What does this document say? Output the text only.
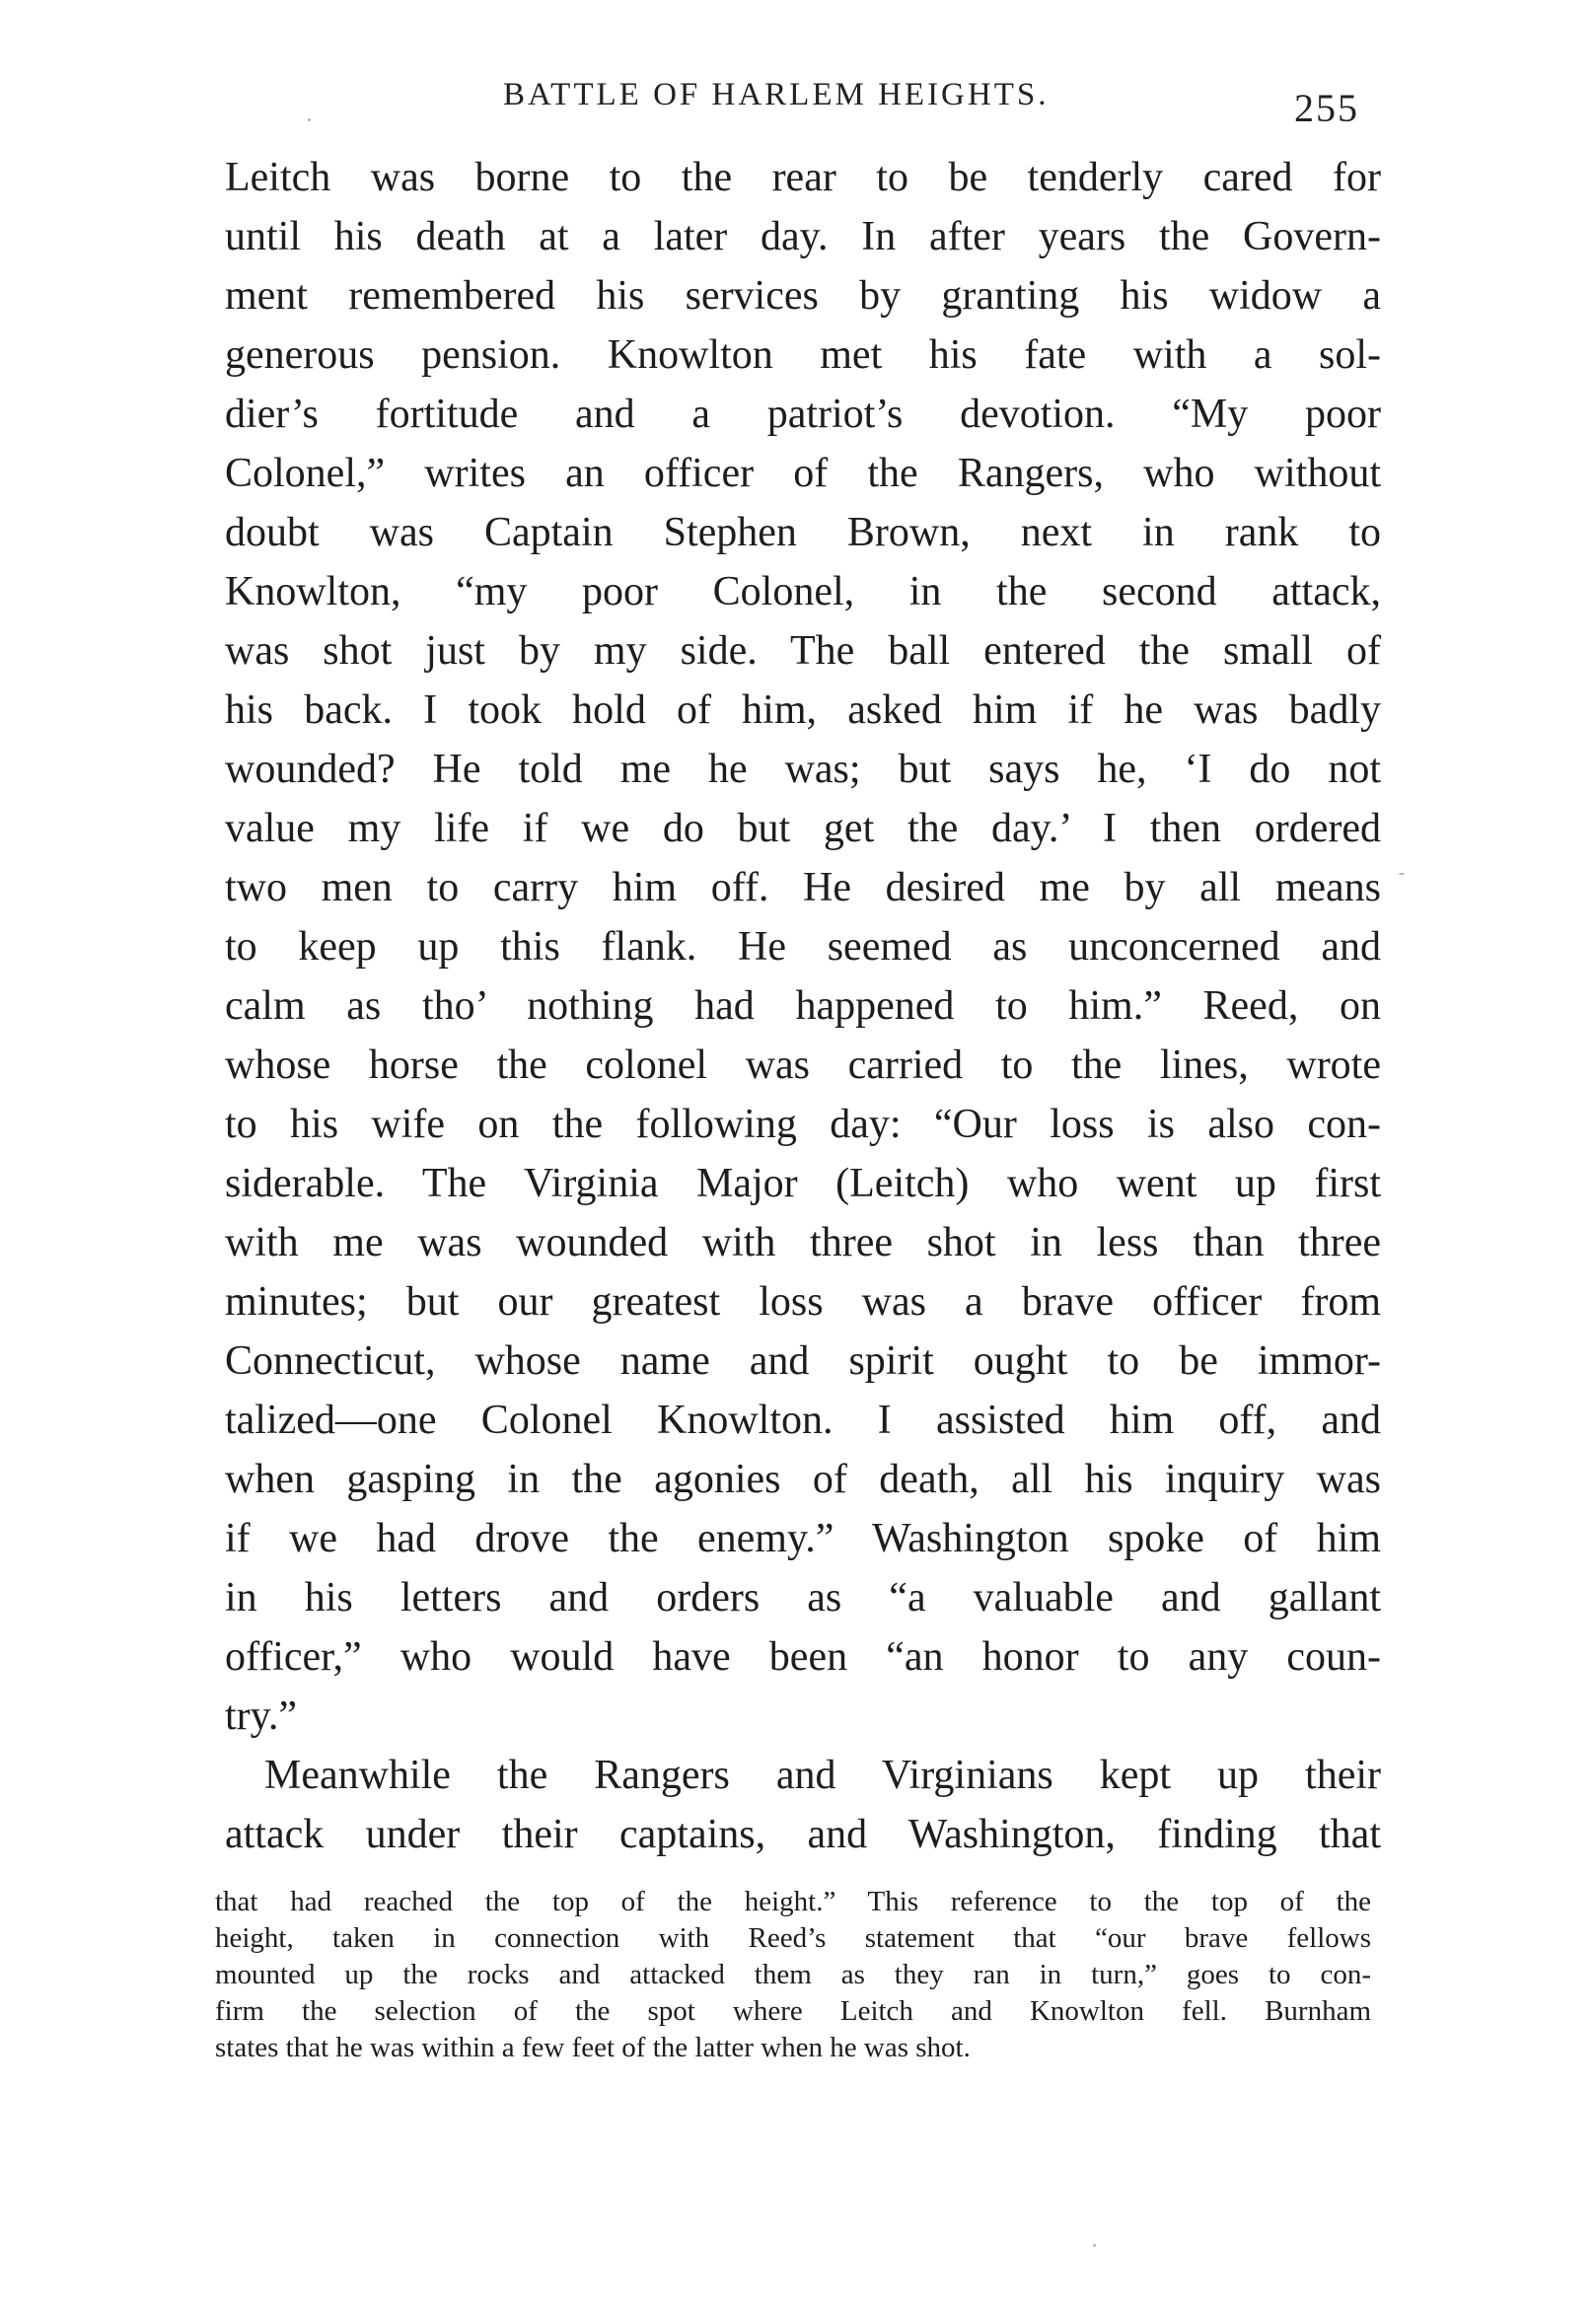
BATTLE OF HARLEM HEIGHTS.	255
Leitch was borne to the rear to be tenderly cared for
until his death at a later day. In after years the Govern-
ment remembered his services by granting his widow a
generous pension. Knowlton met his fate with a sol-
dier’s fortitude and a patriot’s devotion. “My poor
Colonel,” writes an officer of the Rangers, who without
doubt was Captain Stephen Brown, next in rank to
Knowlton, “my poor Colonel, in the second attack,
was shot just by my side. The ball entered the small of
his back. I took hold of him, asked him if he was badly
wounded? He told me he was; but says he, ‘I do not
value my life if we do but get the day.’ I then ordered
two men to carry him off. He desired me by all means
to keep up this flank. He seemed as unconcerned and
calm as tho’ nothing had happened to him.” Reed, on
whose horse the colonel was carried to the lines, wrote
to his wife on the following day: “Our loss is also con-
siderable. The Virginia Major (Leitch) who went up first
with me was wounded with three shot in less than three
minutes; but our greatest loss was a brave officer from
Connecticut, whose name and spirit ought to be immor-
talized—one Colonel Knowlton. I assisted him off, and
when gasping in the agonies of death, all his inquiry was
if we had drove the enemy.” Washington spoke of him
in his letters and orders as “a valuable and gallant
officer,” who would have been “an honor to any coun-
try.”
Meanwhile the Rangers and Virginians kept up their
attack under their captains, and Washington, finding that
that had reached the top of the height.” This reference to the top of the
height, taken in connection with Reed’s statement that “our brave fellows
mounted up the rocks and attacked them as they ran in turn,” goes to con-
firm the selection of the spot where Leitch and Knowlton fell. Burnham
states that he was within a few feet of the latter when he was shot.
